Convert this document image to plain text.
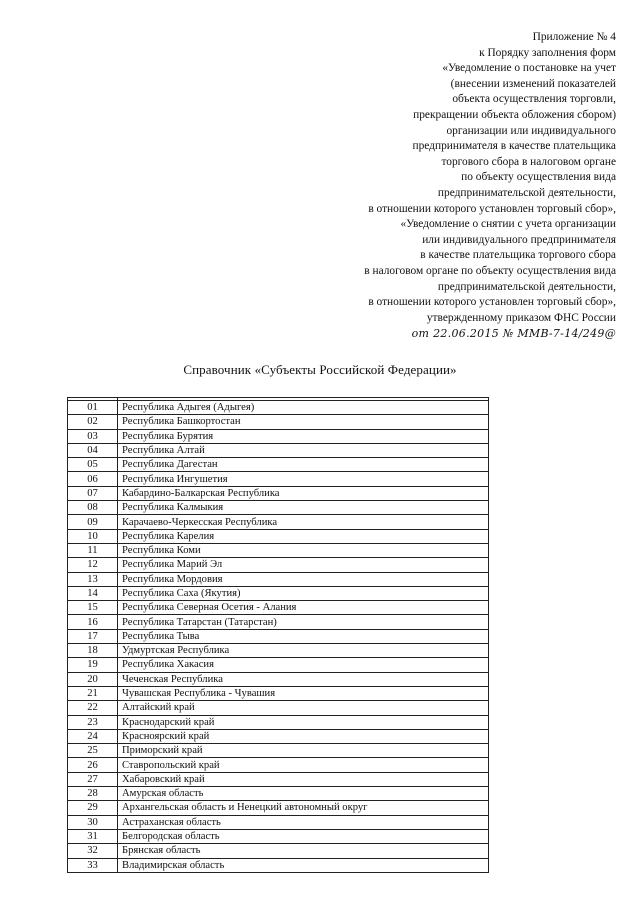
Приложение № 4
к Порядку заполнения форм
«Уведомление о постановке на учет
(внесении изменений показателей
объекта осуществления торговли,
прекращении объекта обложения сбором)
организации или индивидуального
предпринимателя в качестве плательщика
торгового сбора в налоговом органе
по объекту осуществления вида
предпринимательской деятельности,
в отношении которого установлен торговый сбор»,
«Уведомление о снятии с учета организации
или индивидуального предпринимателя
в качестве плательщика торгового сбора
в налоговом органе по объекту осуществления вида
предпринимательской деятельности,
в отношении которого установлен торговый сбор»,
утвержденному приказом ФНС России
от 22.06.2015 № ММВ-7-14/249@
Справочник «Субъекты Российской Федерации»

01	Республика Адыгея (Адыгея)
02	Республика Башкортостан
03	Республика Бурятия
04	Республика Алтай
05	Республика Дагестан
06	Республика Ингушетия
07	Кабардино-Балкарская Республика
08	Республика Калмыкия
09	Карачаево-Черкесская Республика
10	Республика Карелия
11	Республика Коми
12	Республика Марий Эл
13	Республика Мордовия
14	Республика Саха (Якутия)
15	Республика Северная Осетия - Алания
16	Республика Татарстан (Татарстан)
17	Республика Тыва
18	Удмуртская Республика
19	Республика Хакасия
20	Чеченская Республика
21	Чувашская Республика - Чувашия
22	Алтайский край
23	Краснодарский край
24	Красноярский край
25	Приморский край
26	Ставропольский край
27	Хабаровский край
28	Амурская область
29	Архангельская область и Ненецкий автономный округ
30	Астраханская область
31	Белгородская область
32	Брянская область
33	Владимирская область
